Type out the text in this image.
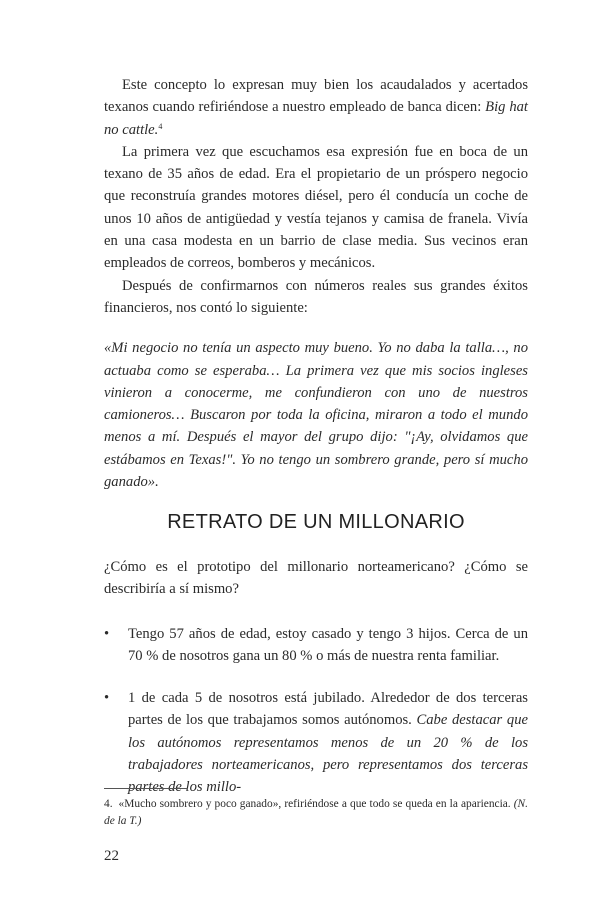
Este concepto lo expresan muy bien los acaudalados y acertados texanos cuando refiriéndose a nuestro empleado de banca dicen: Big hat no cattle.$^4$

La primera vez que escuchamos esa expresión fue en boca de un texano de 35 años de edad. Era el propietario de un próspero negocio que reconstruía grandes motores diésel, pero él conducía un coche de unos 10 años de antigüedad y vestía tejanos y camisa de franela. Vivía en una casa modesta en un barrio de clase media. Sus vecinos eran empleados de correos, bomberos y mecánicos.

Después de confirmarnos con números reales sus grandes éxitos financieros, nos contó lo siguiente:

«Mi negocio no tenía un aspecto muy bueno. Yo no daba la talla…, no actuaba como se esperaba… La primera vez que mis socios ingleses vinieron a conocerme, me confundieron con uno de nuestros camioneros… Buscaron por toda la oficina, miraron a todo el mundo menos a mí. Después el mayor del grupo dijo: "¡Ay, olvidamos que estábamos en Texas!". Yo no tengo un sombrero grande, pero sí mucho ganado».

RETRATO DE UN MILLONARIO

¿Cómo es el prototipo del millonario norteamericano? ¿Cómo se describiría a sí mismo?

• Tengo 57 años de edad, estoy casado y tengo 3 hijos. Cerca de un 70 % de nosotros gana un 80 % o más de nuestra renta familiar.

• 1 de cada 5 de nosotros está jubilado. Alrededor de dos terceras partes de los que trabajamos somos autónomos. Cabe destacar que los autónomos representamos menos de un 20 % de los trabajadores norteamericanos, pero representamos dos terceras partes de los millo-

4. «Mucho sombrero y poco ganado», refiriéndose a que todo se queda en la apariencia. (N. de la T.)

22
